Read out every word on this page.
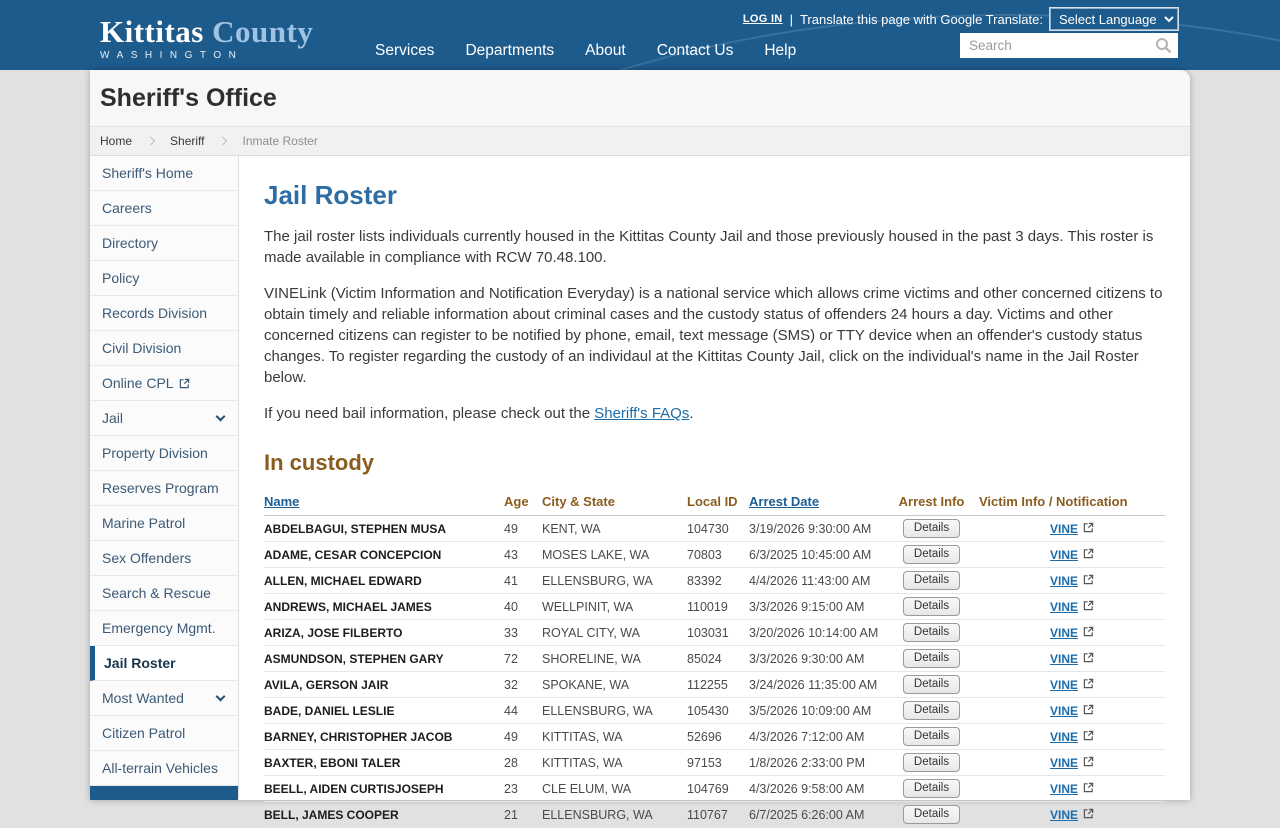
Kittitas County
WASHINGTON
LOG IN | Translate this page with Google Translate:
Select Language
Services Departments About Contact Us Help
Search
Sheriff's Office
Home	Sheriff	Inmate Roster
Sheriff's Home
Careers
Directory
Policy
Records Division
Civil Division
Online CPL
Jail
Property Division
Reserves Program
Marine Patrol
Sex Offenders
Search & Rescue
Emergency Mgmt.
Jail Roster
Most Wanted
Citizen Patrol
All-terrain Vehicles
Jail Roster

The jail roster lists individuals currently housed in the Kittitas County Jail and those previously housed in the past 3 days. This roster is made available in compliance with RCW 70.48.100.

VINELink (Victim Information and Notification Everyday) is a national service which allows crime victims and other concerned citizens to obtain timely and reliable information about criminal cases and the custody status of offenders 24 hours a day. Victims and other concerned citizens can register to be notified by phone, email, text message (SMS) or TTY device when an offender's custody status changes. To register regarding the custody of an individaul at the Kittitas County Jail, click on the individual's name in the Jail Roster below.

If you need bail information, please check out the Sheriff's FAQs.

In custody
Name	Age	City & State	Local ID	Arrest Date	Arrest Info	Victim Info / Notification
ABDELBAGUI, STEPHEN MUSA	49	KENT, WA	104730	3/19/2026 9:30:00 AM	Details	VINE
ADAME, CESAR CONCEPCION	43	MOSES LAKE, WA	70803	6/3/2025 10:45:00 AM	Details	VINE
ALLEN, MICHAEL EDWARD	41	ELLENSBURG, WA	83392	4/4/2026 11:43:00 AM	Details	VINE
ANDREWS, MICHAEL JAMES	40	WELLPINIT, WA	110019	3/3/2026 9:15:00 AM	Details	VINE
ARIZA, JOSE FILBERTO	33	ROYAL CITY, WA	103031	3/20/2026 10:14:00 AM	Details	VINE
ASMUNDSON, STEPHEN GARY	72	SHORELINE, WA	85024	3/3/2026 9:30:00 AM	Details	VINE
AVILA, GERSON JAIR	32	SPOKANE, WA	112255	3/24/2026 11:35:00 AM	Details	VINE
BADE, DANIEL LESLIE	44	ELLENSBURG, WA	105430	3/5/2026 10:09:00 AM	Details	VINE
BARNEY, CHRISTOPHER JACOB	49	KITTITAS, WA	52696	4/3/2026 7:12:00 AM	Details	VINE
BAXTER, EBONI TALER	28	KITTITAS, WA	97153	1/8/2026 2:33:00 PM	Details	VINE
BEELL, AIDEN CURTISJOSEPH	23	CLE ELUM, WA	104769	4/3/2026 9:58:00 AM	Details	VINE
BELL, JAMES COOPER	21	ELLENSBURG, WA	110767	6/7/2025 6:26:00 AM	Details	VINE
